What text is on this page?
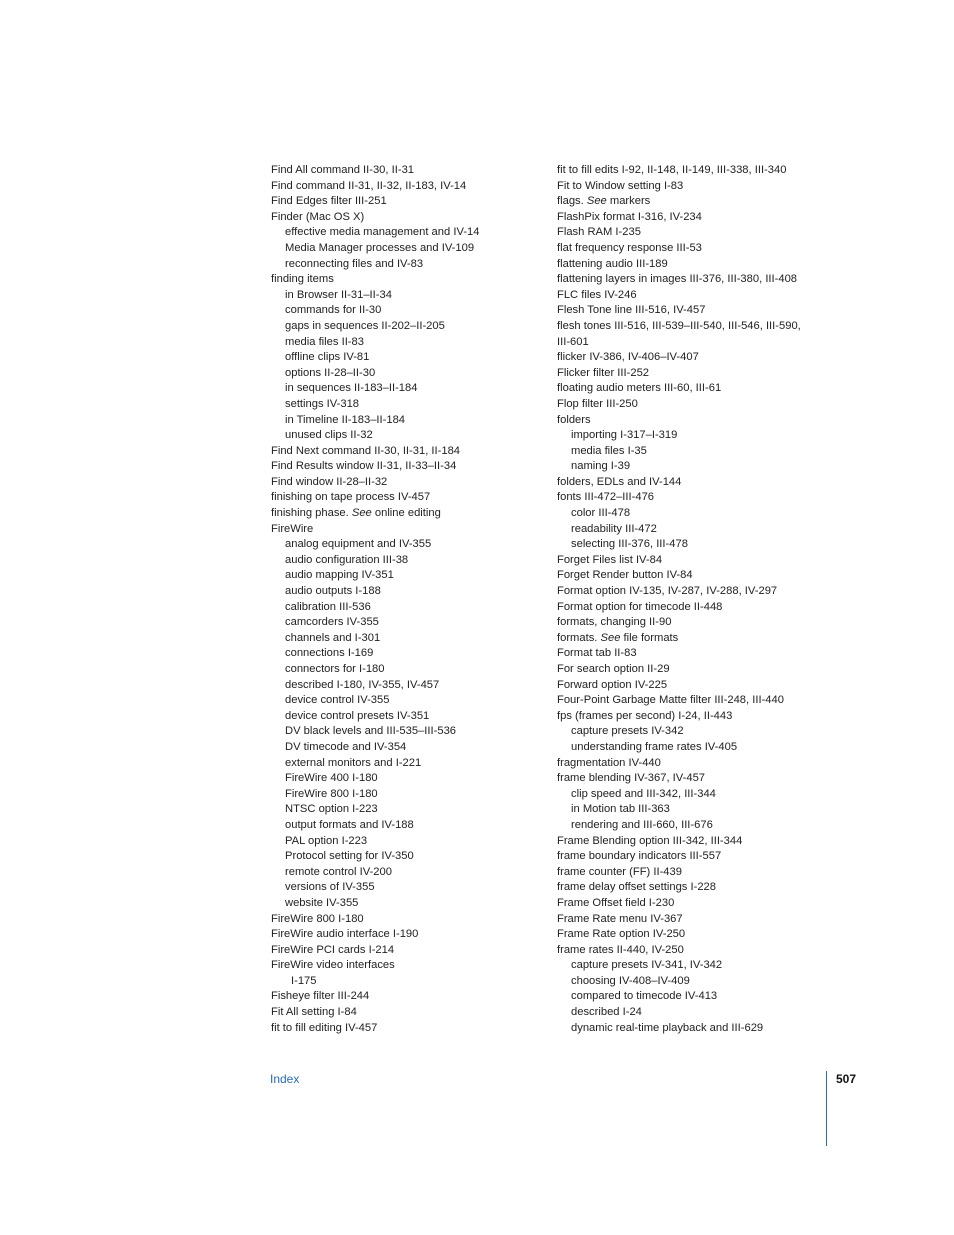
Find All command II-30, II-31
Find command II-31, II-32, II-183, IV-14
Find Edges filter III-251
Finder (Mac OS X)
effective media management and IV-14
Media Manager processes and IV-109
reconnecting files and IV-83
finding items
in Browser II-31–II-34
commands for II-30
gaps in sequences II-202–II-205
media files II-83
offline clips IV-81
options II-28–II-30
in sequences II-183–II-184
settings IV-318
in Timeline II-183–II-184
unused clips II-32
Find Next command II-30, II-31, II-184
Find Results window II-31, II-33–II-34
Find window II-28–II-32
finishing on tape process IV-457
finishing phase. See online editing
FireWire
analog equipment and IV-355
audio configuration III-38
audio mapping IV-351
audio outputs I-188
calibration III-536
camcorders IV-355
channels and I-301
connections I-169
connectors for I-180
described I-180, IV-355, IV-457
device control IV-355
device control presets IV-351
DV black levels and III-535–III-536
DV timecode and IV-354
external monitors and I-221
FireWire 400 I-180
FireWire 800 I-180
NTSC option I-223
output formats and IV-188
PAL option I-223
Protocol setting for IV-350
remote control IV-200
versions of IV-355
website IV-355
FireWire 800 I-180
FireWire audio interface I-190
FireWire PCI cards I-214
FireWire video interfaces
I-175
Fisheye filter III-244
Fit All setting I-84
fit to fill editing IV-457
fit to fill edits I-92, II-148, II-149, III-338, III-340
Fit to Window setting I-83
flags. See markers
FlashPix format I-316, IV-234
Flash RAM I-235
flat frequency response III-53
flattening audio III-189
flattening layers in images III-376, III-380, III-408
FLC files IV-246
Flesh Tone line III-516, IV-457
flesh tones III-516, III-539–III-540, III-546, III-590,
III-601
flicker IV-386, IV-406–IV-407
Flicker filter III-252
floating audio meters III-60, III-61
Flop filter III-250
folders
importing I-317–I-319
media files I-35
naming I-39
folders, EDLs and IV-144
fonts III-472–III-476
color III-478
readability III-472
selecting III-376, III-478
Forget Files list IV-84
Forget Render button IV-84
Format option IV-135, IV-287, IV-288, IV-297
Format option for timecode II-448
formats, changing II-90
formats. See file formats
Format tab II-83
For search option II-29
Forward option IV-225
Four-Point Garbage Matte filter III-248, III-440
fps (frames per second) I-24, II-443
capture presets IV-342
understanding frame rates IV-405
fragmentation IV-440
frame blending IV-367, IV-457
clip speed and III-342, III-344
in Motion tab III-363
rendering and III-660, III-676
Frame Blending option III-342, III-344
frame boundary indicators III-557
frame counter (FF) II-439
frame delay offset settings I-228
Frame Offset field I-230
Frame Rate menu IV-367
Frame Rate option IV-250
frame rates II-440, IV-250
capture presets IV-341, IV-342
choosing IV-408–IV-409
compared to timecode IV-413
described I-24
dynamic real-time playback and III-629
Index	507
